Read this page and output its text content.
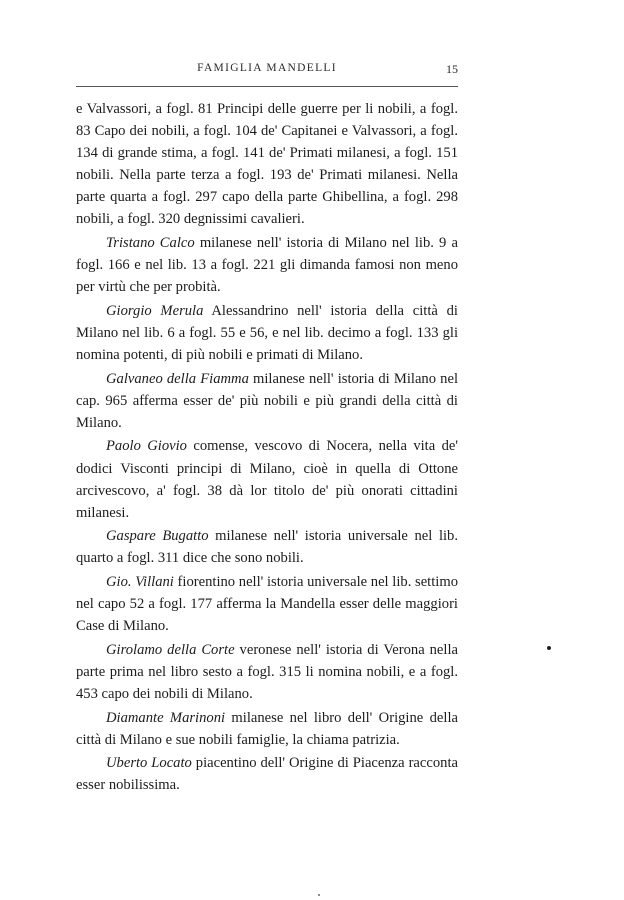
FAMIGLIA MANDELLI	15

e Valvassori, a fogl. 81 Principi delle guerre per li nobili, a fogl. 83 Capo dei nobili, a fogl. 104 de' Capitanei e Valvassori, a fogl. 134 di grande stima, a fogl. 141 de' Primati milanesi, a fogl. 151 nobili. Nella parte terza a fogl. 193 de' Primati milanesi. Nella parte quarta a fogl. 297 capo della parte Ghibellina, a fogl. 298 nobili, a fogl. 320 degnissimi cavalieri.

Tristano Calco milanese nell' istoria di Milano nel lib. 9 a fogl. 166 e nel lib. 13 a fogl. 221 gli dimanda famosi non meno per virtù che per probità.

Giorgio Merula Alessandrino nell' istoria della città di Milano nel lib. 6 a fogl. 55 e 56, e nel lib. decimo a fogl. 133 gli nomina potenti, di più nobili e primati di Milano.

Galvaneo della Fiamma milanese nell' istoria di Milano nel cap. 965 afferma esser de' più nobili e più grandi della città di Milano.

Paolo Giovio comense, vescovo di Nocera, nella vita de' dodici Visconti principi di Milano, cioè in quella di Ottone arcivescovo, a' fogl. 38 dà lor titolo de' più onorati cittadini milanesi.

Gaspare Bugatto milanese nell' istoria universale nel lib. quarto a fogl. 311 dice che sono nobili.

Gio. Villani fiorentino nell' istoria universale nel lib. settimo nel capo 52 a fogl. 177 afferma la Mandella esser delle maggiori Case di Milano.

Girolamo della Corte veronese nell' istoria di Verona nella parte prima nel libro sesto a fogl. 315 li nomina nobili, e a fogl. 453 capo dei nobili di Milano.

Diamante Marinoni milanese nel libro dell' Origine della città di Milano e sue nobili famiglie, la chiama patrizia.

Uberto Locato piacentino dell' Origine di Piacenza racconta esser nobilissima.
